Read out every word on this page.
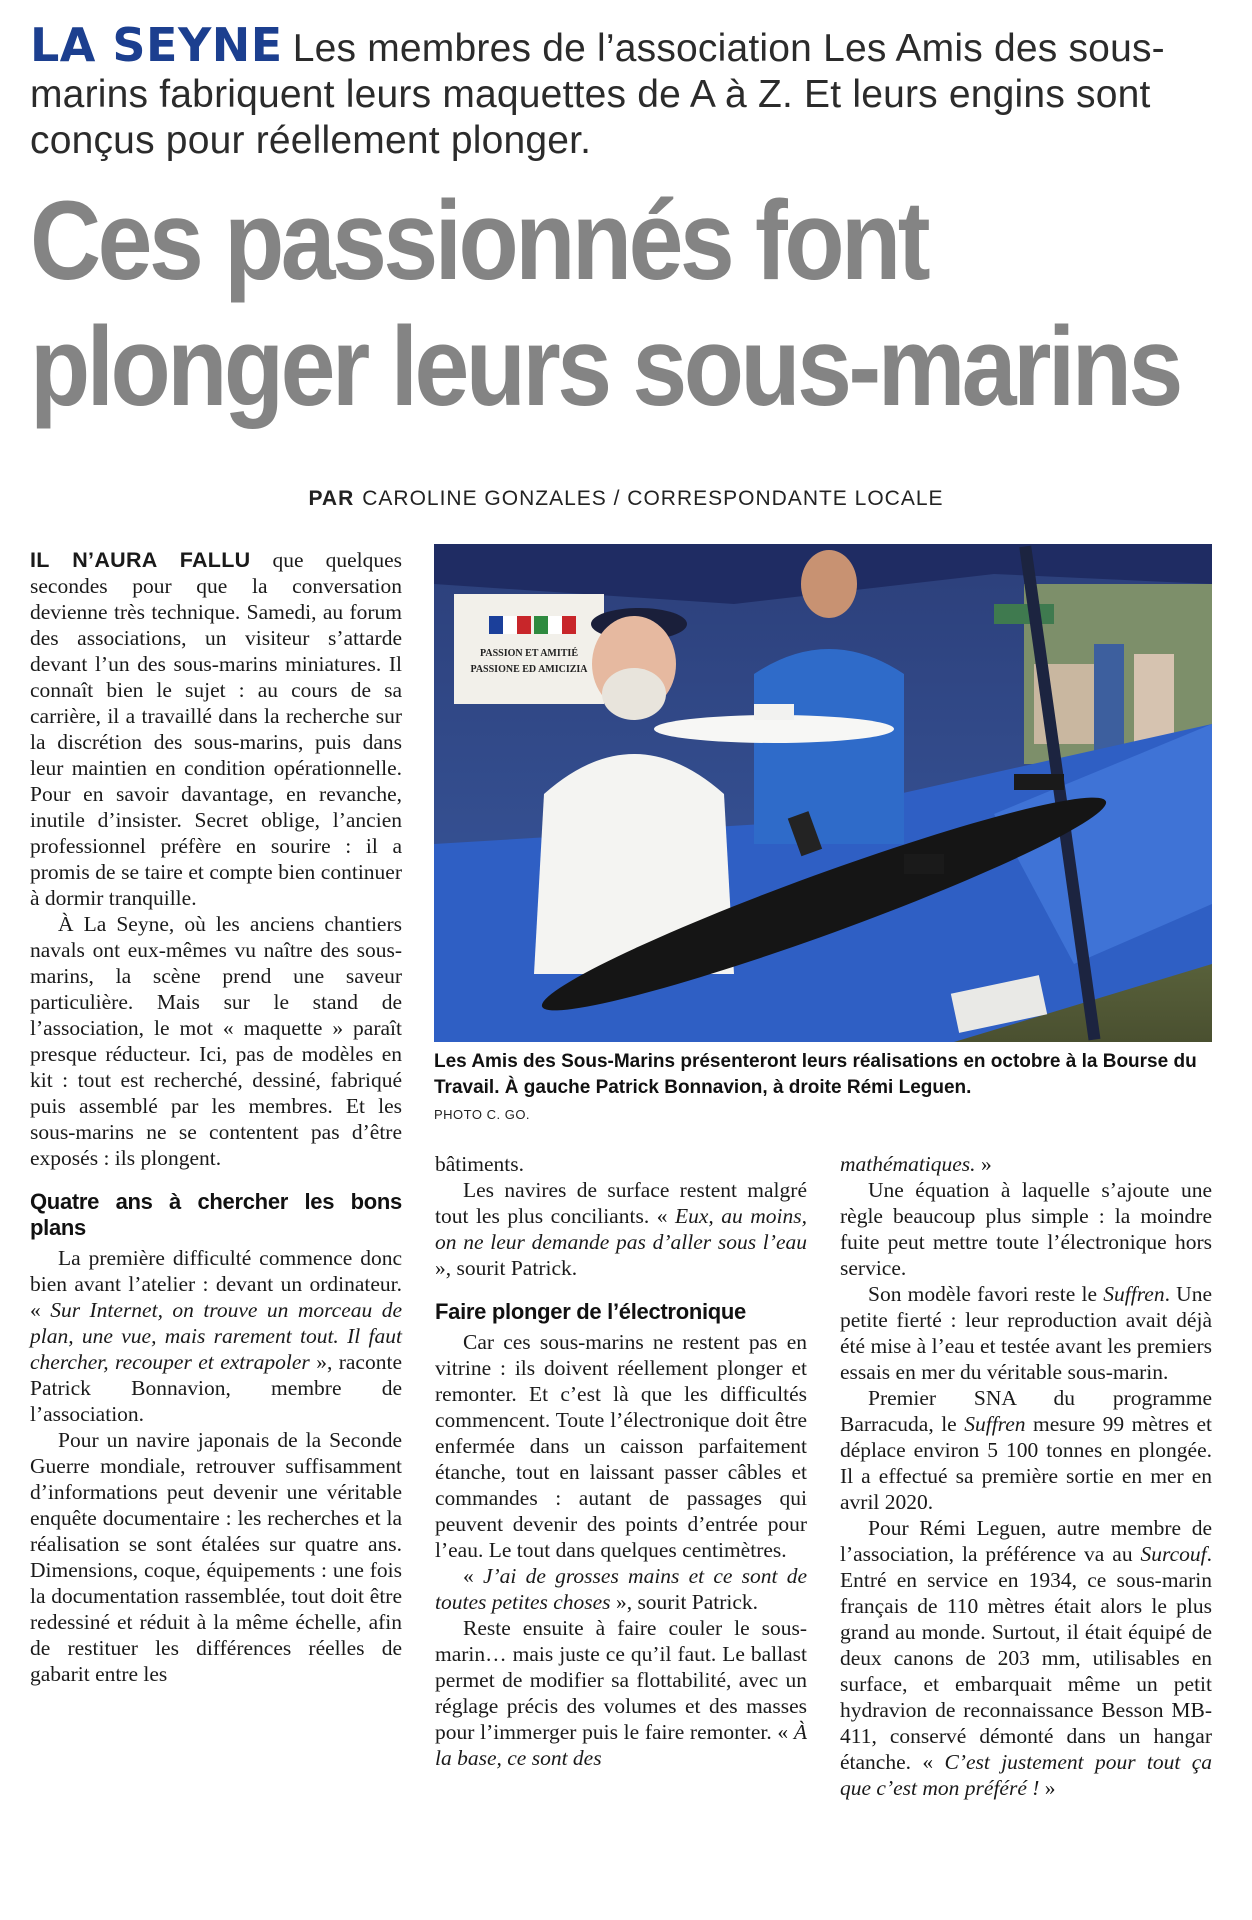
LA SEYNE Les membres de l’association Les Amis des sous-marins fabriquent leurs maquettes de A à Z. Et leurs engins sont conçus pour réellement plonger.
Ces passionnés font
plonger leurs sous-marins
PAR CAROLINE GONZALES / CORRESPONDANTE LOCALE

IL N’AURA FALLU que quelques secondes pour que la conversation devienne très technique. Samedi, au forum des associations, un visiteur s’attarde devant l’un des sous-marins miniatures. Il connaît bien le sujet : au cours de sa carrière, il a travaillé dans la recherche sur la discrétion des sous-marins, puis dans leur maintien en condition opérationnelle. Pour en savoir davantage, en revanche, inutile d’insister. Secret oblige, l’ancien professionnel préfère en sourire : il a promis de se taire et compte bien continuer à dormir tranquille.

À La Seyne, où les anciens chantiers navals ont eux-mêmes vu naître des sous-marins, la scène prend une saveur particulière. Mais sur le stand de l’association, le mot « maquette » paraît presque réducteur. Ici, pas de modèles en kit : tout est recherché, dessiné, fabriqué puis assemblé par les membres. Et les sous-marins ne se contentent pas d’être exposés : ils plongent.

Quatre ans à chercher les bons plans

La première difficulté commence donc bien avant l’atelier : devant un ordinateur. « Sur Internet, on trouve un morceau de plan, une vue, mais rarement tout. Il faut chercher, recouper et extrapoler », raconte Patrick Bonnavion, membre de l’association.

Pour un navire japonais de la Seconde Guerre mondiale, retrouver suffisamment d’informations peut devenir une véritable enquête documentaire : les recherches et la réalisation se sont étalées sur quatre ans. Dimensions, coque, équipements : une fois la documentation rassemblée, tout doit être redessiné et réduit à la même échelle, afin de restituer les différences réelles de gabarit entre les

PASSION ET AMITIÉ
PASSIONE ED AMICIZIA
Les Amis des Sous-Marins présenteront leurs réalisations en octobre à la Bourse du Travail. À gauche Patrick Bonnavion, à droite Rémi Leguen.
PHOTO C. GO.

bâtiments.

Les navires de surface restent malgré tout les plus conciliants. « Eux, au moins, on ne leur demande pas d’aller sous l’eau », sourit Patrick.

Faire plonger de l’électronique

Car ces sous-marins ne restent pas en vitrine : ils doivent réellement plonger et remonter. Et c’est là que les difficultés commencent. Toute l’électronique doit être enfermée dans un caisson parfaitement étanche, tout en laissant passer câbles et commandes : autant de passages qui peuvent devenir des points d’entrée pour l’eau. Le tout dans quelques centimètres.

« J’ai de grosses mains et ce sont de toutes petites choses », sourit Patrick.

Reste ensuite à faire couler le sous-marin… mais juste ce qu’il faut. Le ballast permet de modifier sa flottabilité, avec un réglage précis des volumes et des masses pour l’immerger puis le faire remonter. « À la base, ce sont des

mathématiques. »

Une équation à laquelle s’ajoute une règle beaucoup plus simple : la moindre fuite peut mettre toute l’électronique hors service.

Son modèle favori reste le Suffren. Une petite fierté : leur reproduction avait déjà été mise à l’eau et testée avant les premiers essais en mer du véritable sous-marin.

Premier SNA du programme Barracuda, le Suffren mesure 99 mètres et déplace environ 5 100 tonnes en plongée. Il a effectué sa première sortie en mer en avril 2020.

Pour Rémi Leguen, autre membre de l’association, la préférence va au Surcouf. Entré en service en 1934, ce sous-marin français de 110 mètres était alors le plus grand au monde. Surtout, il était équipé de deux canons de 203 mm, utilisables en surface, et embarquait même un petit hydravion de reconnaissance Besson MB-411, conservé démonté dans un hangar étanche. « C’est justement pour tout ça que c’est mon préféré ! »
